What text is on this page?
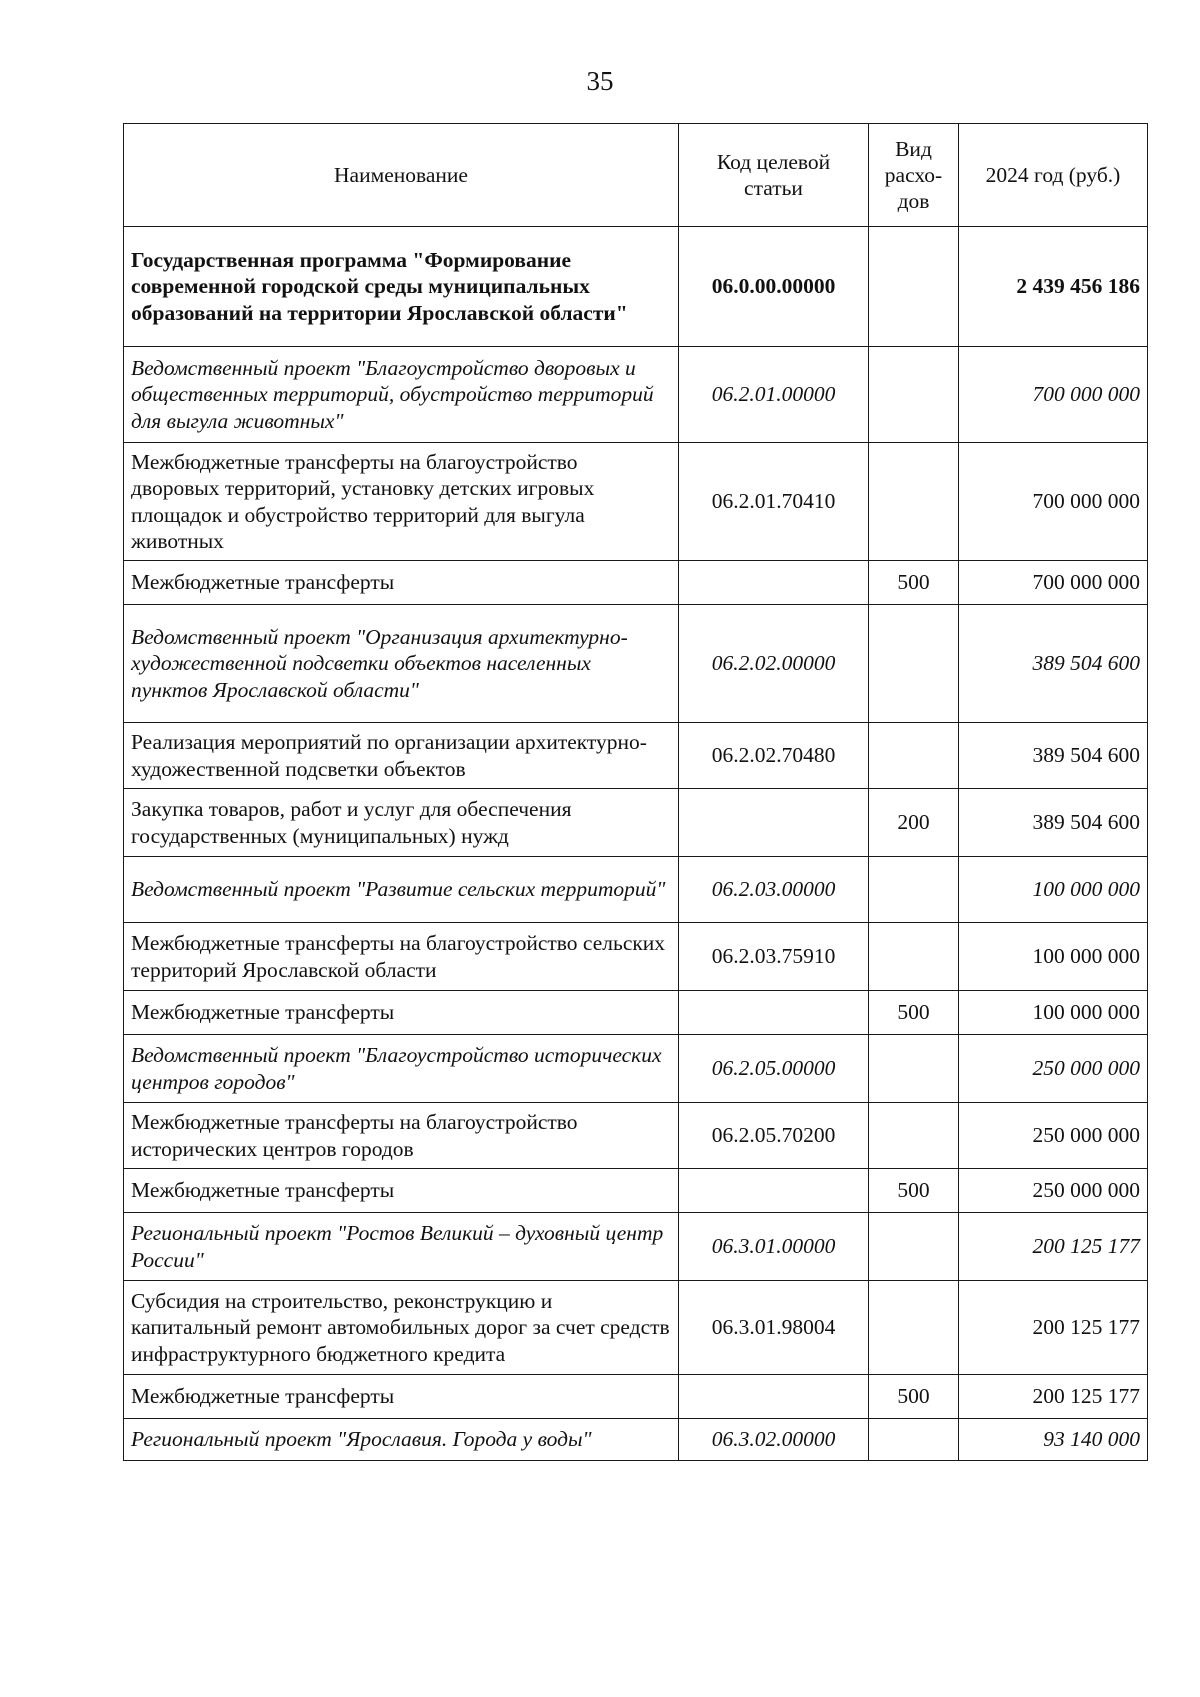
35
Наименование	Код целевой статьи	Вид расхо-дов	2024 год (руб.)
Государственная программа "Формирование современной городской среды муниципальных образований на территории Ярославской области"	06.0.00.00000		2 439 456 186
Ведомственный проект "Благоустройство дворовых и общественных территорий, обустройство территорий для выгула животных"	06.2.01.00000		700 000 000
Межбюджетные трансферты на благоустройство дворовых территорий, установку детских игровых площадок и обустройство территорий для выгула животных	06.2.01.70410		700 000 000
Межбюджетные трансферты		500	700 000 000
Ведомственный проект "Организация архитектурно-художественной подсветки объектов населенных пунктов Ярославской области"	06.2.02.00000		389 504 600
Реализация мероприятий по организации архитектурно-художественной подсветки объектов	06.2.02.70480		389 504 600
Закупка товаров, работ и услуг для обеспечения государственных (муниципальных) нужд		200	389 504 600
Ведомственный проект "Развитие сельских территорий"	06.2.03.00000		100 000 000
Межбюджетные трансферты на благоустройство сельских территорий Ярославской области	06.2.03.75910		100 000 000
Межбюджетные трансферты		500	100 000 000
Ведомственный проект "Благоустройство исторических центров городов"	06.2.05.00000		250 000 000
Межбюджетные трансферты на благоустройство исторических центров городов	06.2.05.70200		250 000 000
Межбюджетные трансферты		500	250 000 000
Региональный проект "Ростов Великий – духовный центр России"	06.3.01.00000		200 125 177
Субсидия на строительство, реконструкцию и капитальный ремонт автомобильных дорог за счет средств инфраструктурного бюджетного кредита	06.3.01.98004		200 125 177
Межбюджетные трансферты		500	200 125 177
Региональный проект "Ярославия. Города у воды"	06.3.02.00000		93 140 000
